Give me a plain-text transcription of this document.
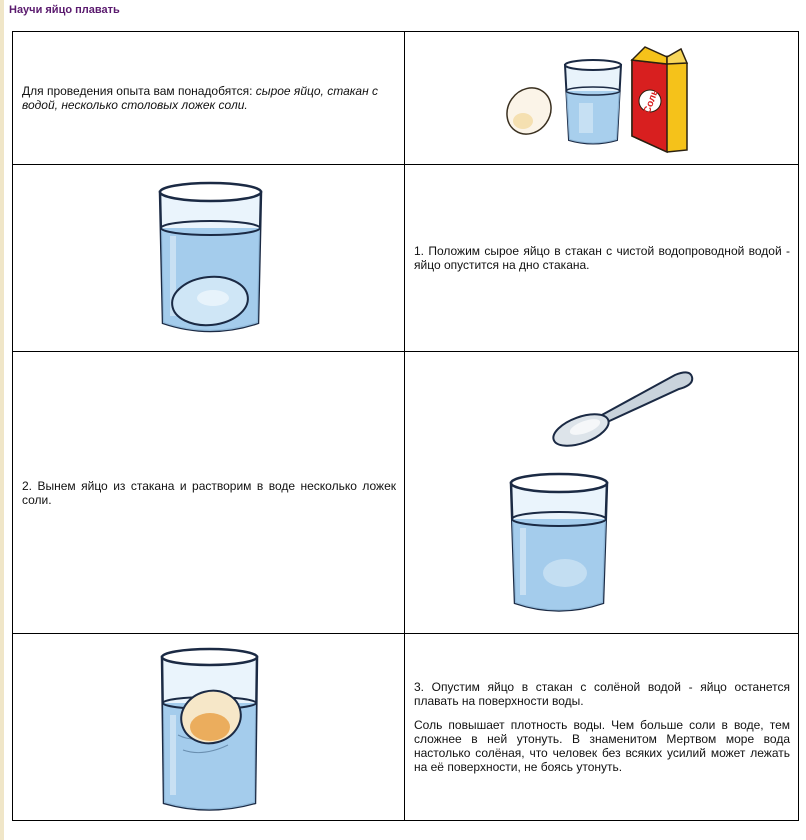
Научи яйцо плавать
Для проведения опыта вам понадобятся: сырое яйцо, стакан с водой, несколько столовых ложек соли.	Соль

1. Положим сырое яйцо в стакан с чистой водопроводной водой - яйцо опустится на дно стакана.

2. Вынем яйцо из стакана и растворим в воде несколько ложек соли.

3. Опустим яйцо в стакан с солёной водой - яйцо останется плавать на поверхности воды.

Соль повышает плотность воды. Чем больше соли в воде, тем сложнее в ней утонуть. В знаменитом Мертвом море вода настолько солёная, что человек без всяких усилий может лежать на её поверхности, не боясь утонуть.
